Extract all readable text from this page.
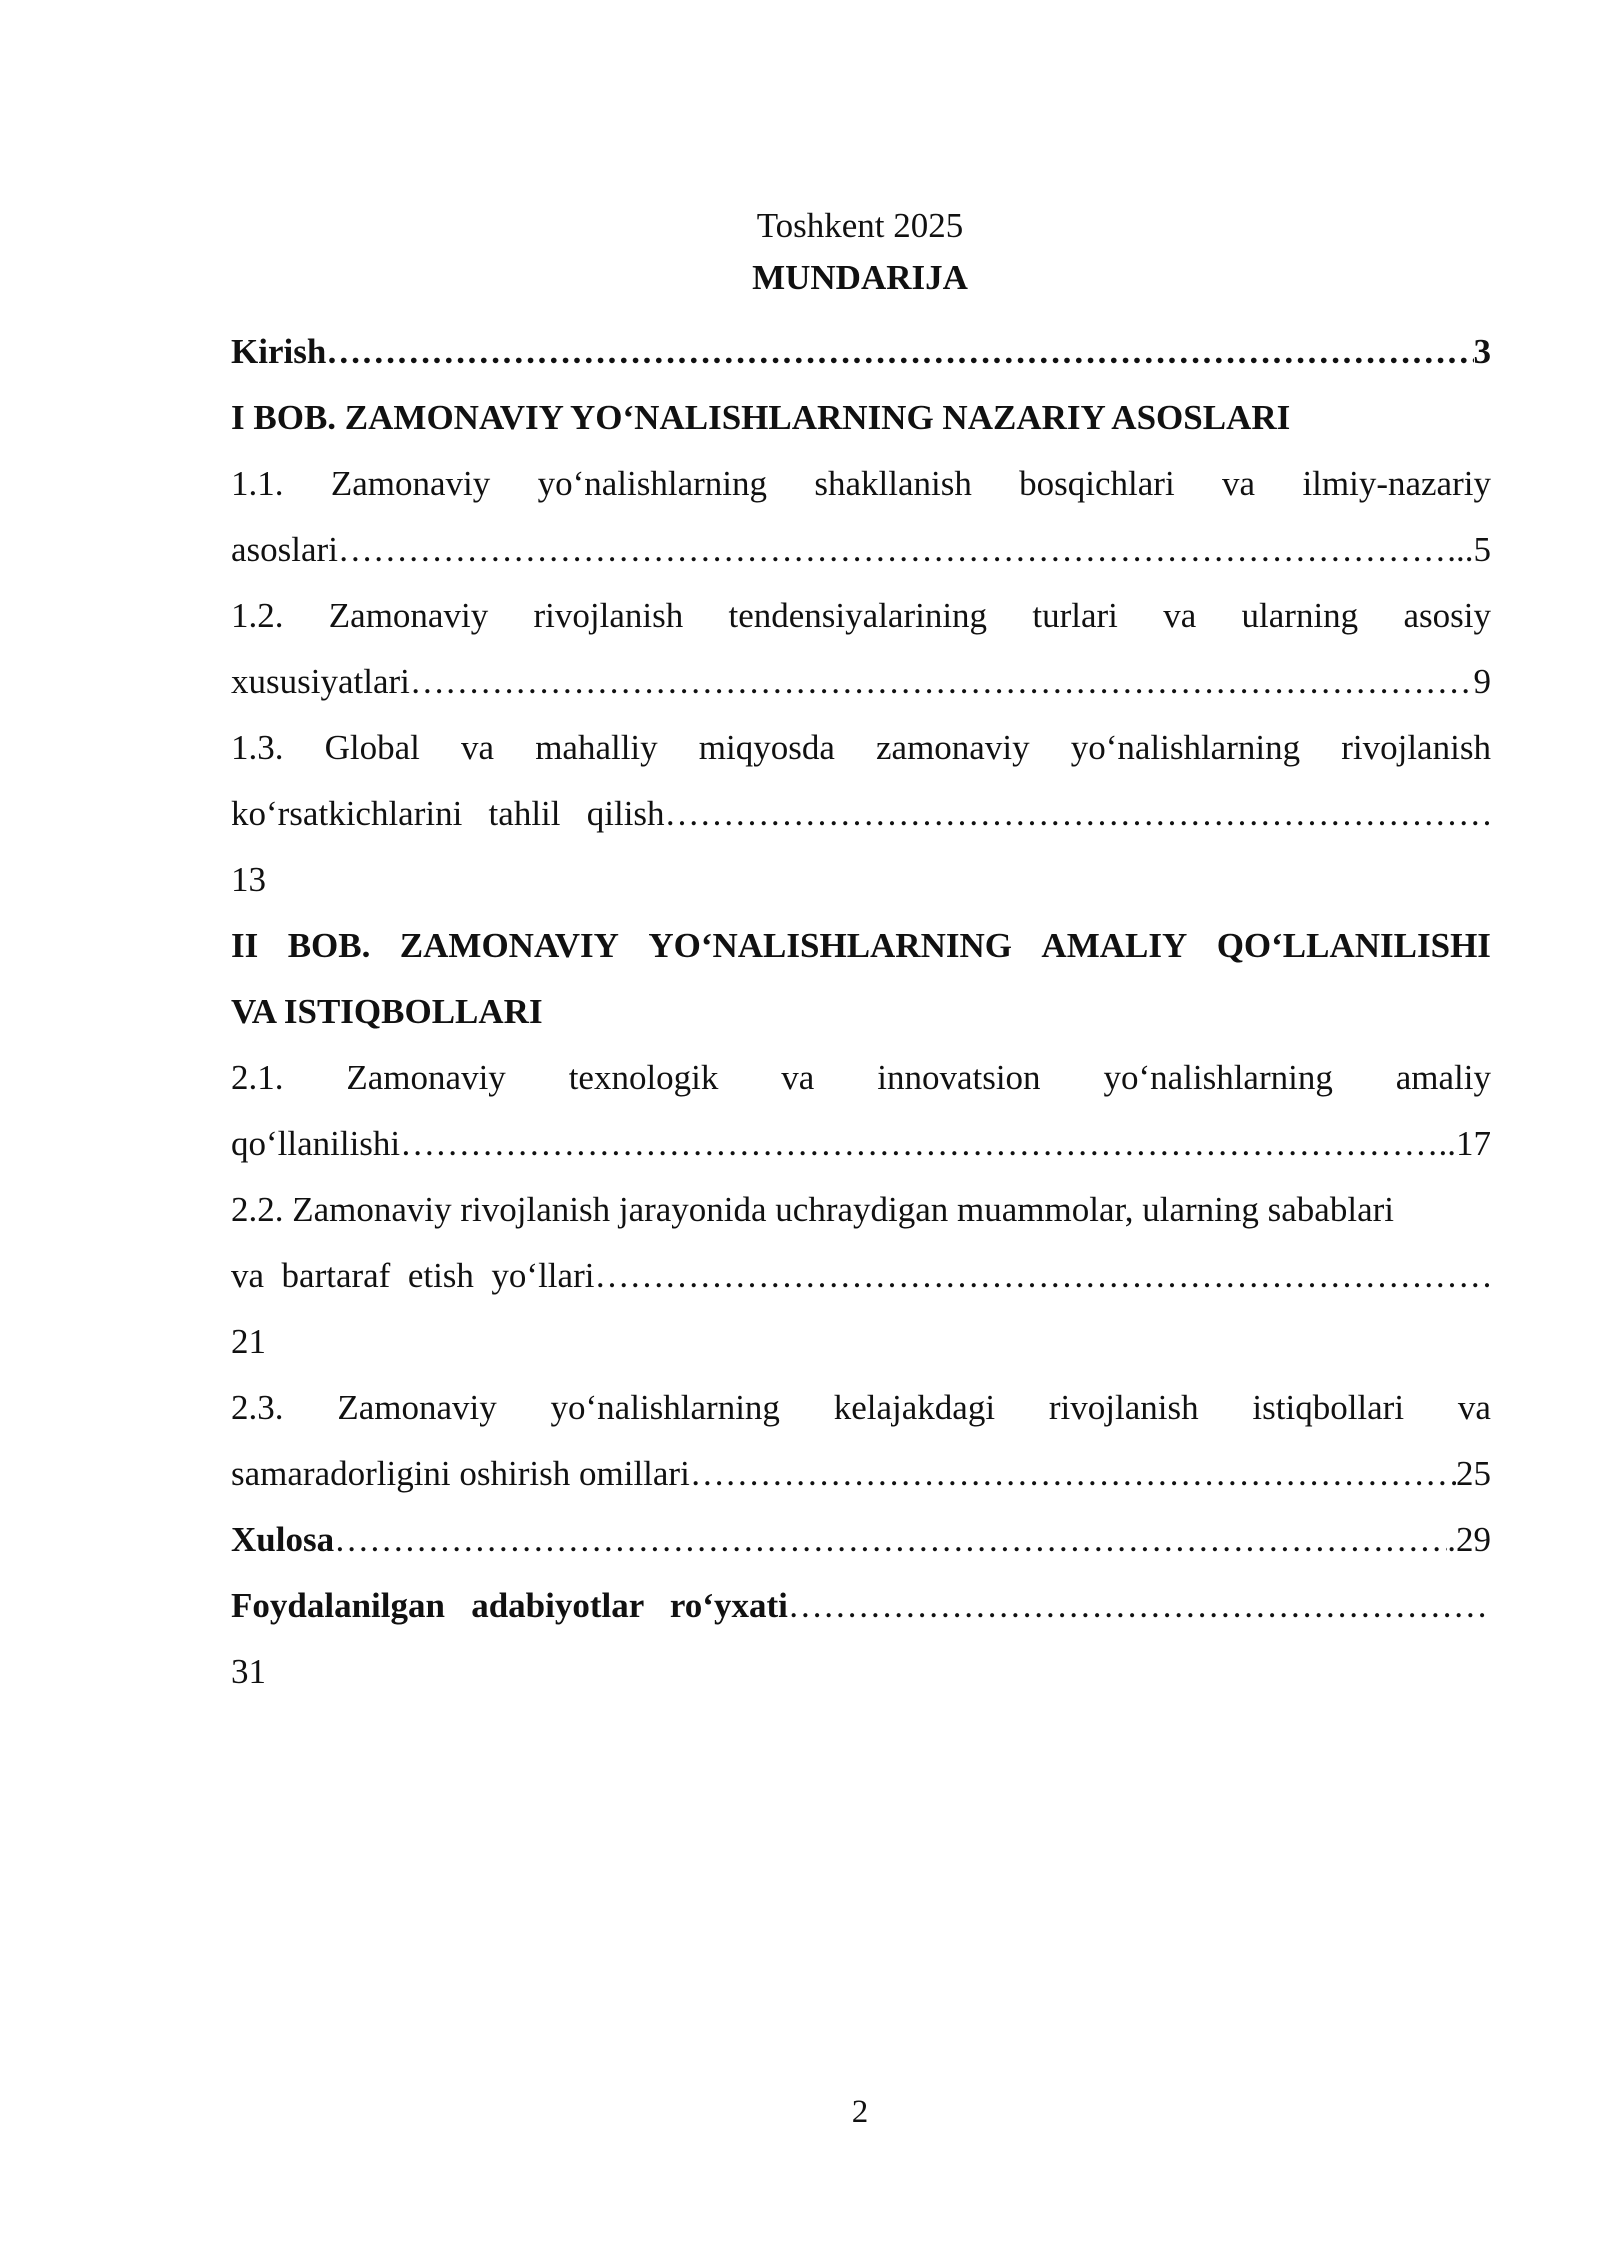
Toshkent 2025
MUNDARIJA
Kirish …………………………………………………………………………………………………………………………………………………………………………………………………………	3
I BOB. ZAMONAVIY YO‘NALISHLARNING NAZARIY ASOSLARI
1.1. Zamonaviy yo‘nalishlarning shakllanish bosqichlari va ilmiy-nazariy
asoslari …………………………………………………………………………………………………………………………………………………………………………………………………………	...5
1.2. Zamonaviy rivojlanish tendensiyalarining turlari va ularning asosiy
xususiyatlari …………………………………………………………………………………………………………………………………………………………………………………………………………	9
1.3. Global va mahalliy miqyosda zamonaviy yo‘nalishlarning rivojlanish
ko‘rsatkichlarini   tahlil   qilish
…………………………………………………………………………………………………………………………………………………………………………………………………………
13
II BOB. ZAMONAVIY YO‘NALISHLARNING AMALIY QO‘LLANILISHI
VA ISTIQBOLLARI
2.1. Zamonaviy texnologik va innovatsion yo‘nalishlarning amaliy
qo‘llanilishi …………………………………………………………………………………………………………………………………………………………………………………………………………	..17
2.2. Zamonaviy rivojlanish jarayonida uchraydigan muammolar, ularning sabablari
va  bartaraf  etish  yo‘llari
…………………………………………………………………………………………………………………………………………………………………………………………………………
21
2.3. Zamonaviy yo‘nalishlarning kelajakdagi rivojlanish istiqbollari va
samaradorligini oshirish omillari …………………………………………………………………………………………………………………………………………………………………………………………………………	25
Xulosa …………………………………………………………………………………………………………………………………………………………………………………………………………	.29
Foydalanilgan   adabiyotlar   ro‘yxati
…………………………………………………………………………………………………………………………………………………………………………………………………………
31
2
